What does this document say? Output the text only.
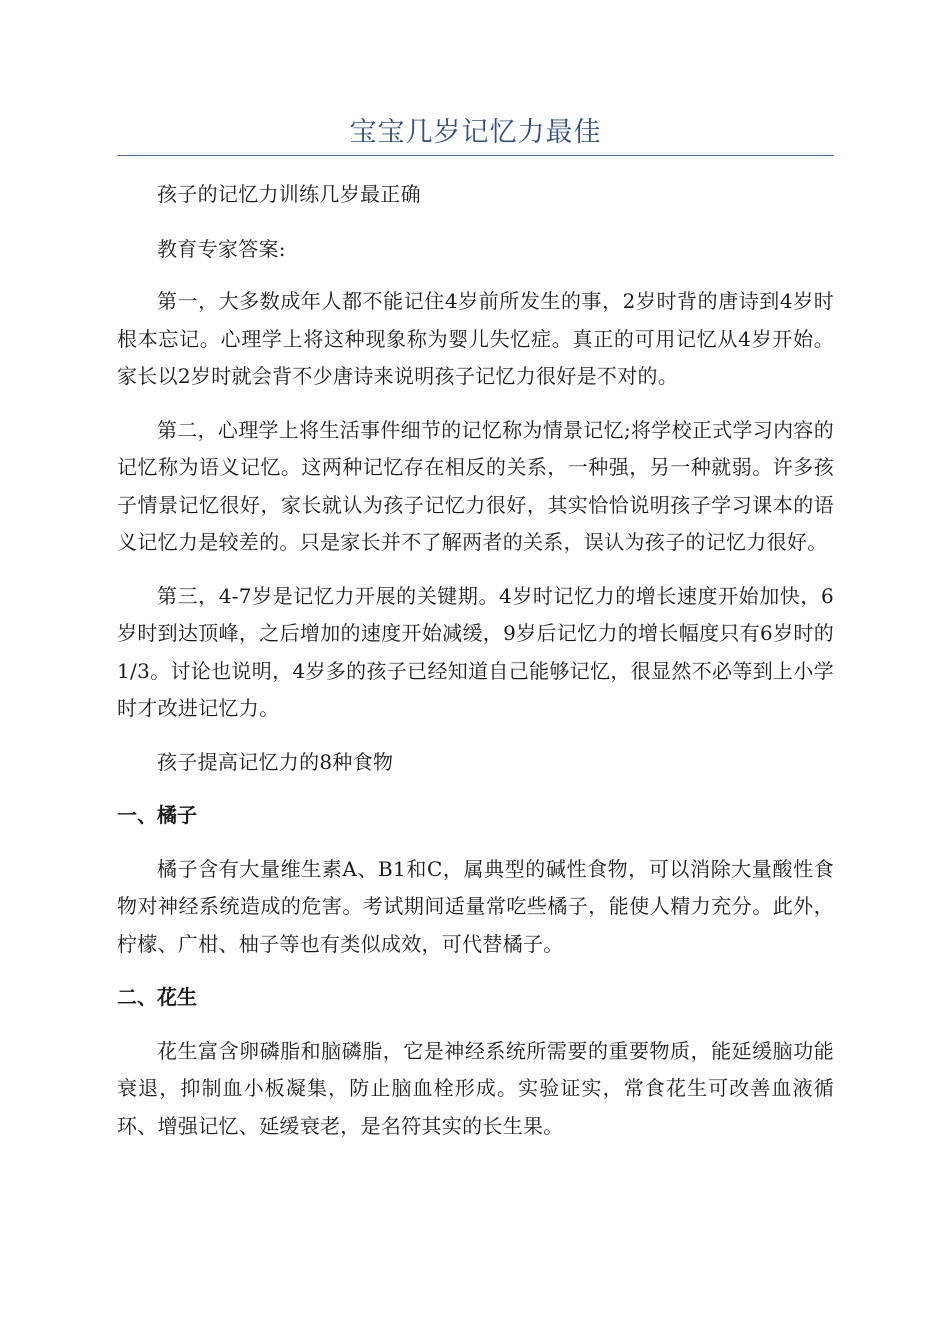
宝宝几岁记忆力最佳

孩子的记忆力训练几岁最正确

教育专家答案:

第一，大多数成年人都不能记住4岁前所发生的事，2岁时背的唐诗到4岁时根本忘记。心理学上将这种现象称为婴儿失忆症。真正的可用记忆从4岁开始。家长以2岁时就会背不少唐诗来说明孩子记忆力很好是不对的。

第二，心理学上将生活事件细节的记忆称为情景记忆;将学校正式学习内容的记忆称为语义记忆。这两种记忆存在相反的关系，一种强，另一种就弱。许多孩子情景记忆很好，家长就认为孩子记忆力很好，其实恰恰说明孩子学习课本的语义记忆力是较差的。只是家长并不了解两者的关系，误认为孩子的记忆力很好。

第三，4-7岁是记忆力开展的关键期。4岁时记忆力的增长速度开始加快，6岁时到达顶峰，之后增加的速度开始减缓，9岁后记忆力的增长幅度只有6岁时的1/3。讨论也说明，4岁多的孩子已经知道自己能够记忆，很显然不必等到上小学时才改进记忆力。

孩子提高记忆力的8种食物

一、橘子

橘子含有大量维生素A、B1和C，属典型的碱性食物，可以消除大量酸性食物对神经系统造成的危害。考试期间适量常吃些橘子，能使人精力充分。此外，柠檬、广柑、柚子等也有类似成效，可代替橘子。

二、花生

花生富含卵磷脂和脑磷脂，它是神经系统所需要的重要物质，能延缓脑功能衰退，抑制血小板凝集，防止脑血栓形成。实验证实，常食花生可改善血液循环、增强记忆、延缓衰老，是名符其实的长生果。
